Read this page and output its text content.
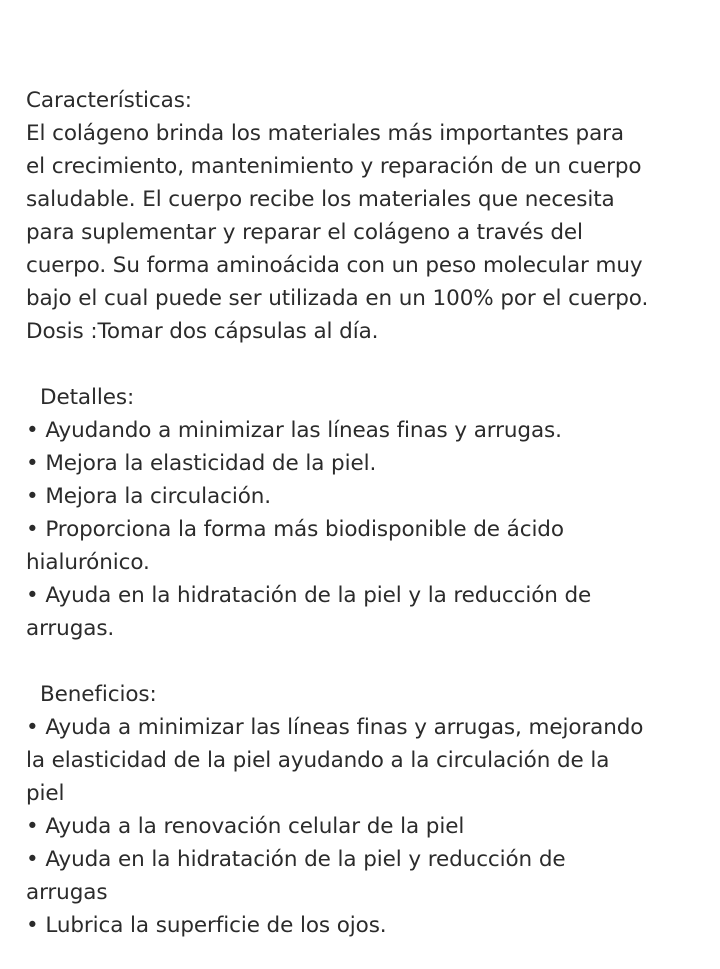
Características:
El colágeno brinda los materiales más importantes para
el crecimiento, mantenimiento y reparación de un cuerpo
saludable. El cuerpo recibe los materiales que necesita
para suplementar y reparar el colágeno a través del
cuerpo. Su forma aminoácida con un peso molecular muy
bajo el cual puede ser utilizada en un 100% por el cuerpo.
Dosis :Tomar dos cápsulas al día.
Detalles:
• Ayudando a minimizar las líneas finas y arrugas.
• Mejora la elasticidad de la piel.
• Mejora la circulación.
• Proporciona la forma más biodisponible de ácido
hialurónico.
• Ayuda en la hidratación de la piel y la reducción de
arrugas.
Beneficios:
• Ayuda a minimizar las líneas finas y arrugas, mejorando
la elasticidad de la piel ayudando a la circulación de la
piel
• Ayuda a la renovación celular de la piel
• Ayuda en la hidratación de la piel y reducción de
arrugas
• Lubrica la superficie de los ojos.
